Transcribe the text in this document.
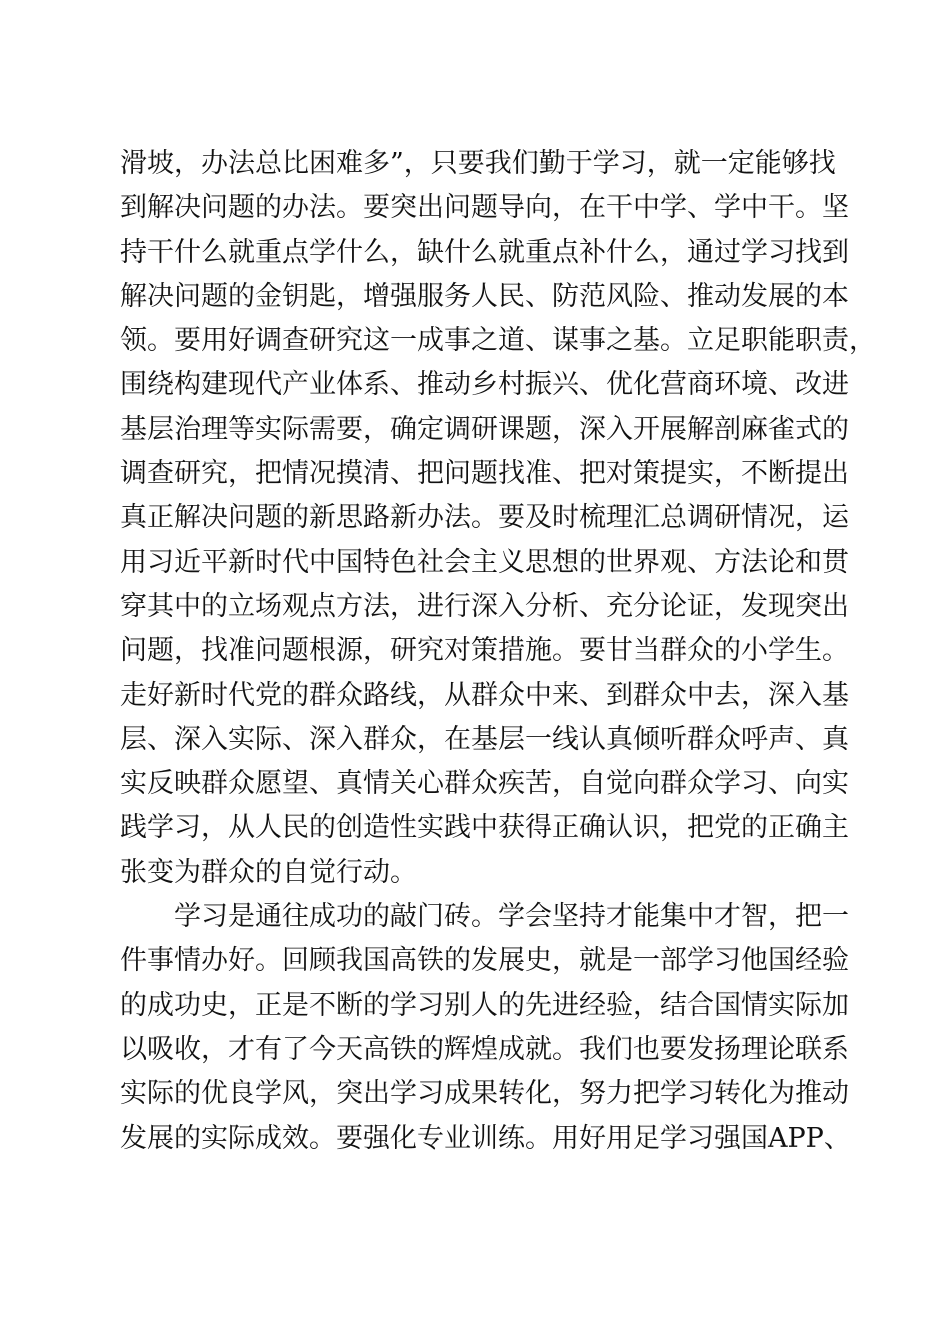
滑坡，办法总比困难多”，只要我们勤于学习，就一定能够找
到解决问题的办法。要突出问题导向，在干中学、学中干。坚
持干什么就重点学什么，缺什么就重点补什么，通过学习找到
解决问题的金钥匙，增强服务人民、防范风险、推动发展的本
领。要用好调查研究这一成事之道、谋事之基。立足职能职责，
围绕构建现代产业体系、推动乡村振兴、优化营商环境、改进
基层治理等实际需要，确定调研课题，深入开展解剖麻雀式的
调查研究，把情况摸清、把问题找准、把对策提实，不断提出
真正解决问题的新思路新办法。要及时梳理汇总调研情况，运
用习近平新时代中国特色社会主义思想的世界观、方法论和贯
穿其中的立场观点方法，进行深入分析、充分论证，发现突出
问题，找准问题根源，研究对策措施。要甘当群众的小学生。
走好新时代党的群众路线，从群众中来、到群众中去，深入基
层、深入实际、深入群众，在基层一线认真倾听群众呼声、真
实反映群众愿望、真情关心群众疾苦，自觉向群众学习、向实
践学习，从人民的创造性实践中获得正确认识，把党的正确主
张变为群众的自觉行动。
学习是通往成功的敲门砖。学会坚持才能集中才智，把一
件事情办好。回顾我国高铁的发展史，就是一部学习他国经验
的成功史，正是不断的学习别人的先进经验，结合国情实际加
以吸收，才有了今天高铁的辉煌成就。我们也要发扬理论联系
实际的优良学风，突出学习成果转化，努力把学习转化为推动
发展的实际成效。要强化专业训练。用好用足学习强国APP、
